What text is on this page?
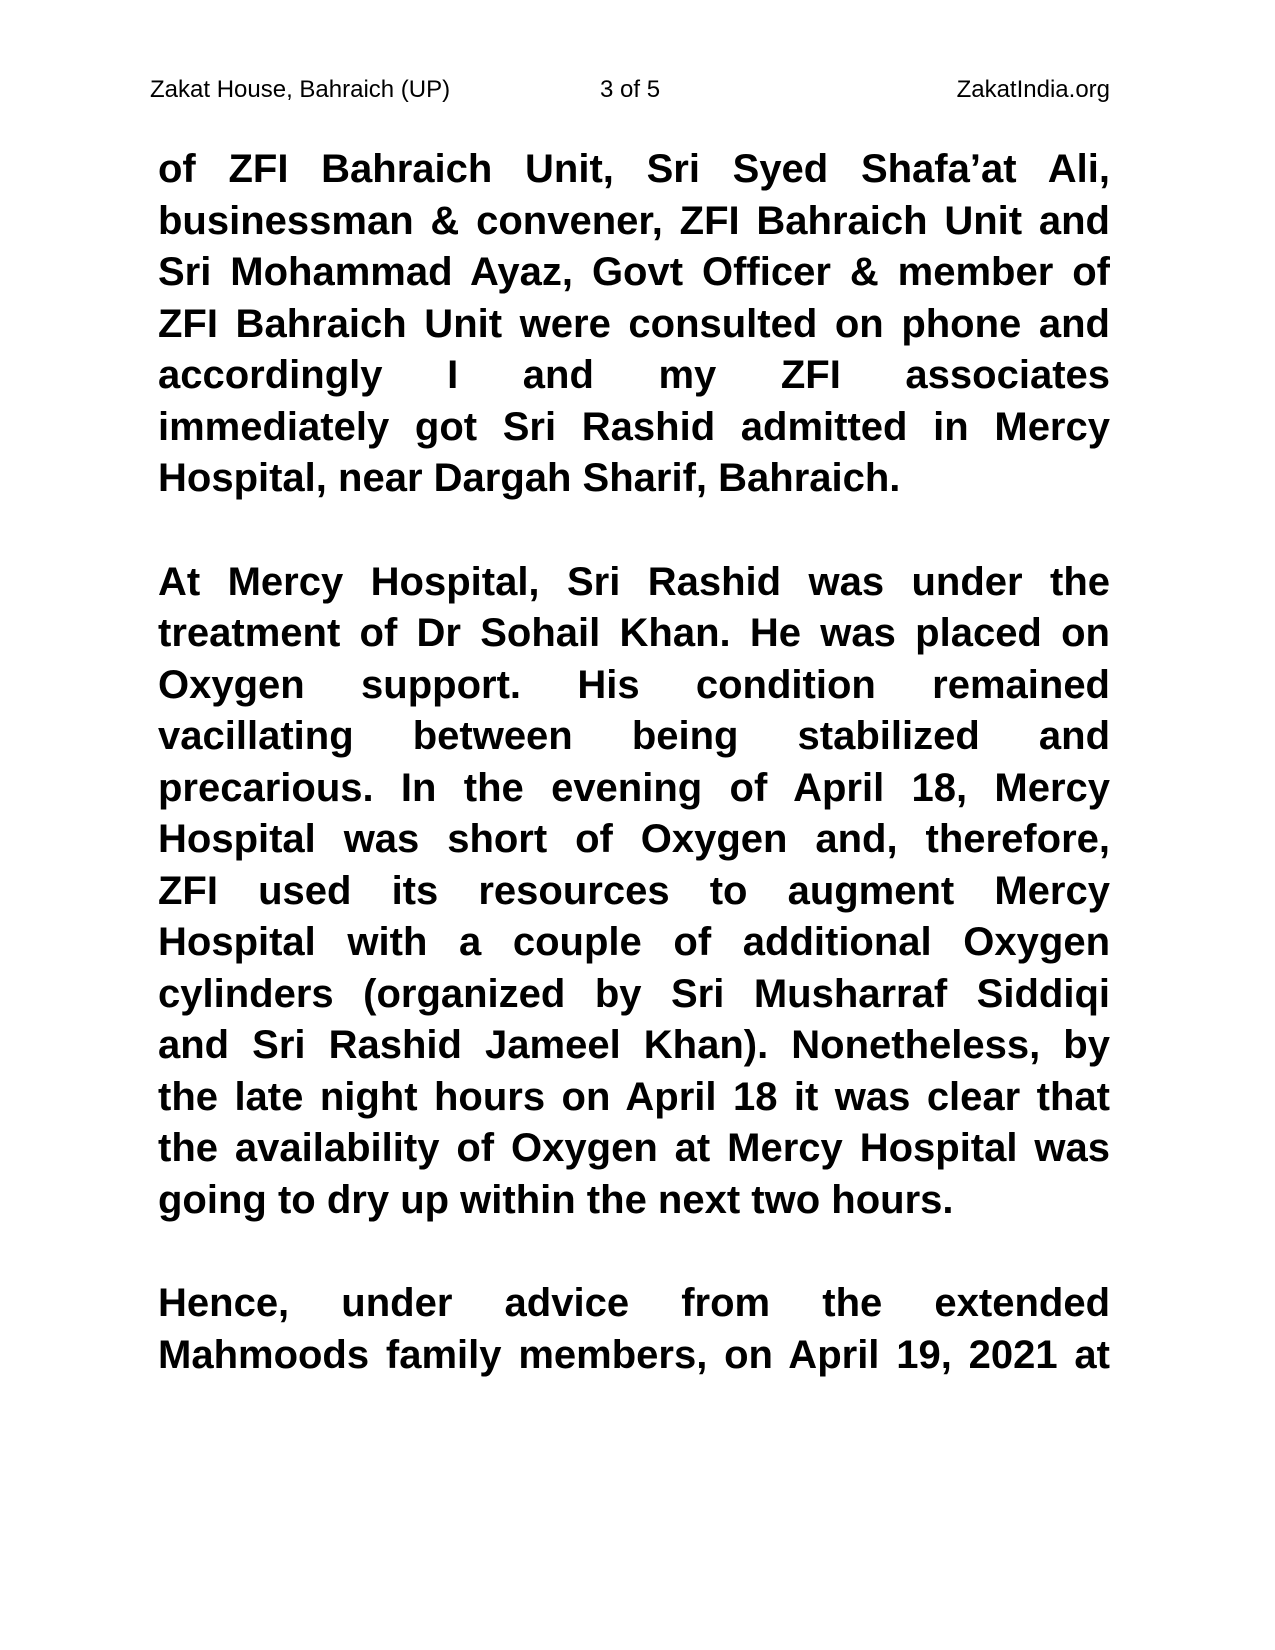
Zakat House, Bahraich (UP)	3 of 5	ZakatIndia.org

of ZFI Bahraich Unit, Sri Syed Shafa’at Ali,
businessman & convener, ZFI Bahraich Unit and
Sri Mohammad Ayaz, Govt Officer & member of
ZFI Bahraich Unit were consulted on phone and
accordingly I and my ZFI associates
immediately got Sri Rashid admitted in Mercy
Hospital, near Dargah Sharif, Bahraich.

At Mercy Hospital, Sri Rashid was under the
treatment of Dr Sohail Khan. He was placed on
Oxygen support. His condition remained
vacillating between being stabilized and
precarious. In the evening of April 18, Mercy
Hospital was short of Oxygen and, therefore,
ZFI used its resources to augment Mercy
Hospital with a couple of additional Oxygen
cylinders (organized by Sri Musharraf Siddiqi
and Sri Rashid Jameel Khan). Nonetheless, by
the late night hours on April 18 it was clear that
the availability of Oxygen at Mercy Hospital was
going to dry up within the next two hours.

Hence, under advice from the extended
Mahmoods family members, on April 19, 2021 at
